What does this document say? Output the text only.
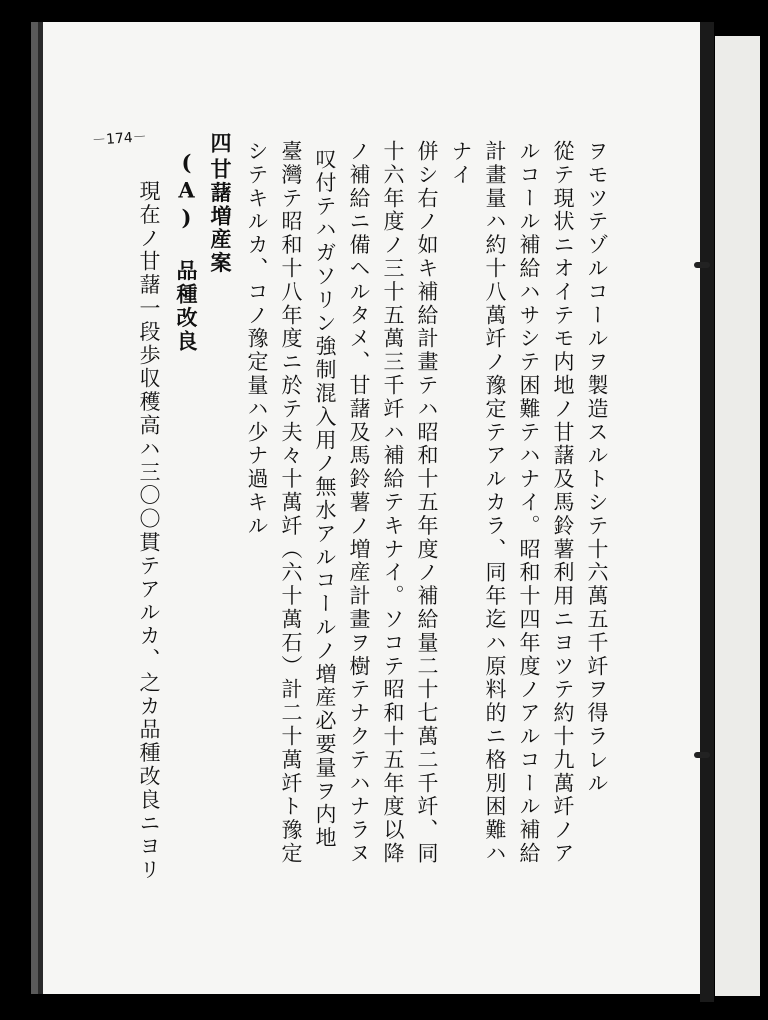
－174－
ヲモツテゾルコールヲ製造スルトシテ十六萬五千竏ヲ得ラレル
從テ現状ニオイテモ内地ノ甘藷及馬鈴薯利用ニヨツテ約十九萬竏ノア
ルコール補給ハサシテ困難テハナイ。昭和十四年度ノアルコール補給
計畫量ハ約十八萬竏ノ豫定テアルカラ、同年迄ハ原料的ニ格別困難ハ
ナイ
併シ右ノ如キ補給計畫テハ昭和十五年度ノ補給量二十七萬二千竏、同
十六年度ノ三十五萬三千竏ハ補給テキナイ。ソコテ昭和十五年度以降
ノ補給ニ備ヘルタメ、甘藷及馬鈴薯ノ増産計畫ヲ樹テナクテハナラヌ
叹付テハガソリン強制混入用ノ無水アルコールノ増産必要量ヲ内地
臺灣テ昭和十八年度ニ於テ夫々十萬竏（六十萬石）計二十萬竏ト豫定
シテキルカ、コノ豫定量ハ少ナ過キル
四
甘藷増産案
(A) 品種改良
現在ノ甘藷一段歩収穫高ハ三〇〇貫テアルカ、之カ品種改良ニヨリ
